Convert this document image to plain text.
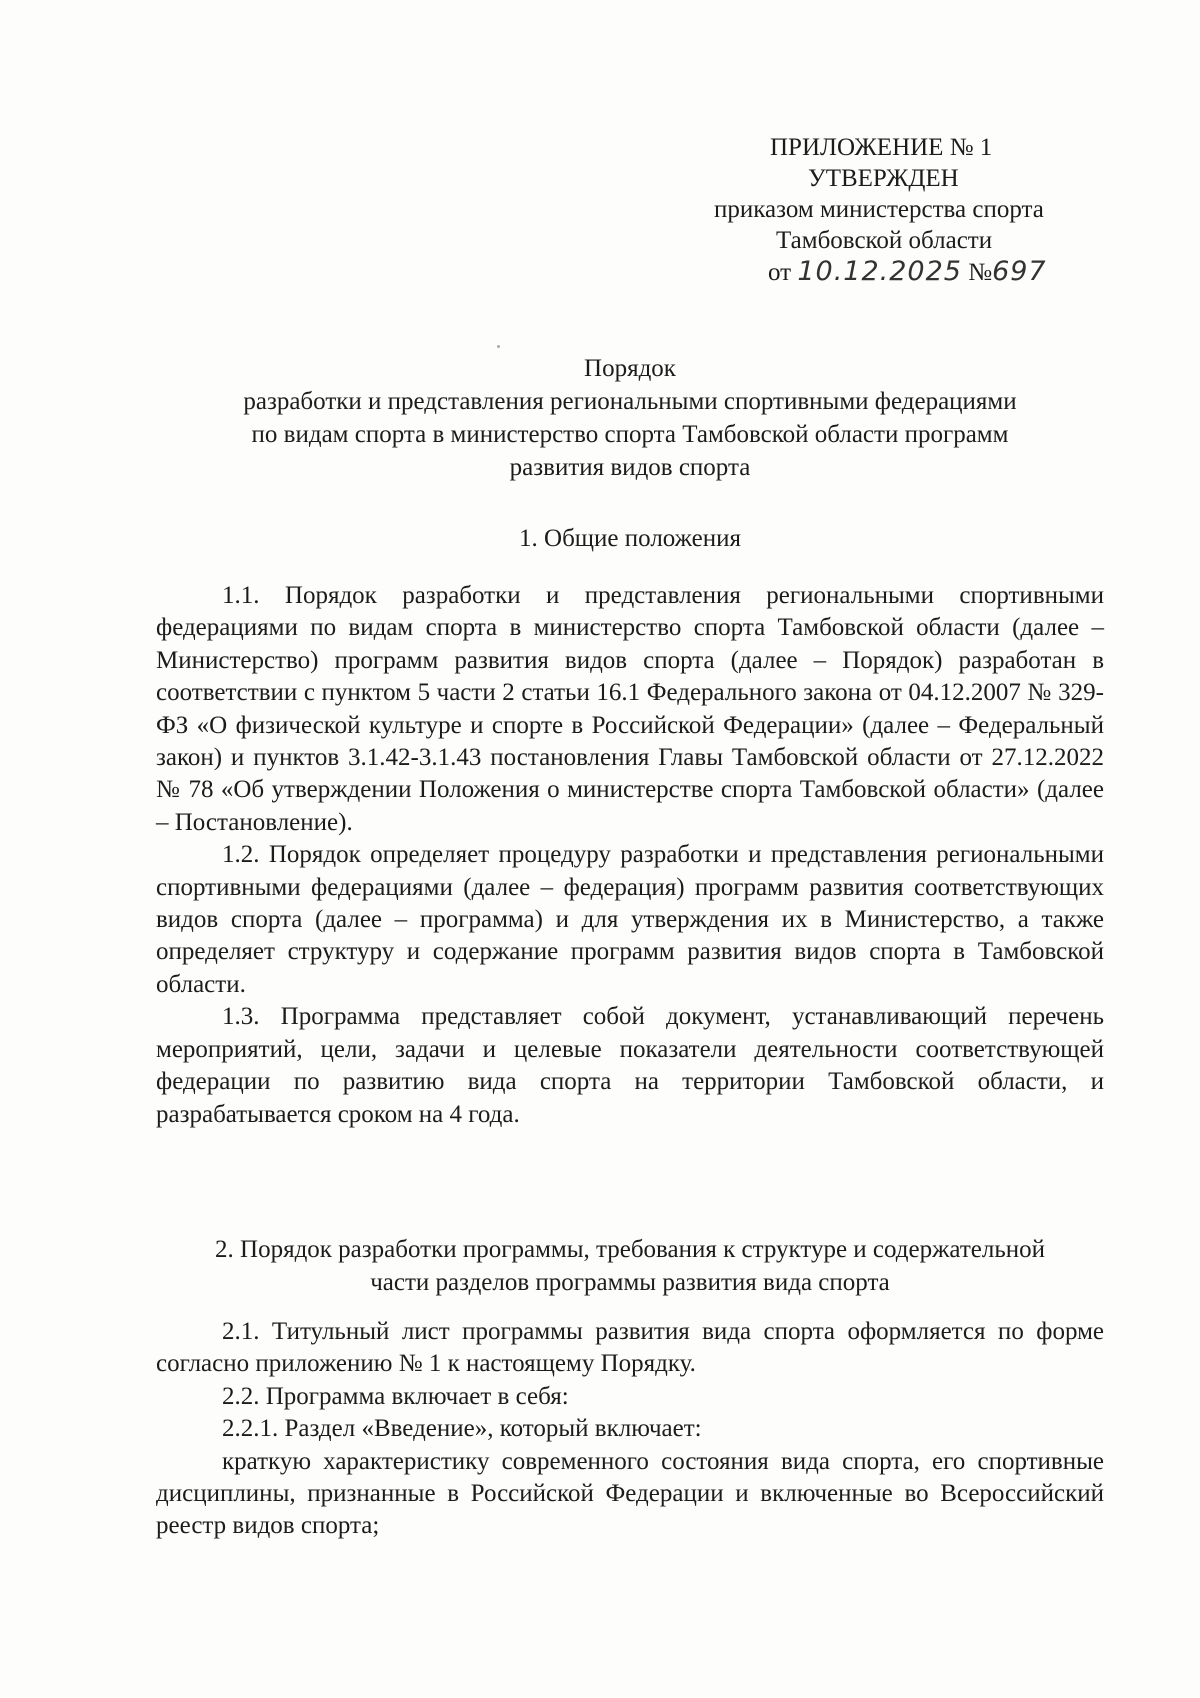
ПРИЛОЖЕНИЕ № 1
УТВЕРЖДЕН
приказом министерства спорта
Тамбовской области
от 10.12.2025 №697
Порядок
разработки и представления региональными спортивными федерациями
по видам спорта в министерство спорта Тамбовской области программ
развития видов спорта
1. Общие положения

1.1. Порядок разработки и представления региональными спортивными федерациями по видам спорта в министерство спорта Тамбовской области (далее – Министерство) программ развития видов спорта (далее – Порядок) разработан в соответствии с пунктом 5 части 2 статьи 16.1 Федерального закона от 04.12.2007 № 329-ФЗ «О физической культуре и спорте в Российской Федерации» (далее – Федеральный закон) и пунктов 3.1.42-3.1.43 постановления Главы Тамбовской области от 27.12.2022 № 78 «Об утверждении Положения о министерстве спорта Тамбовской области» (далее – Постановление).

1.2. Порядок определяет процедуру разработки и представления региональными спортивными федерациями (далее – федерация) программ развития соответствующих видов спорта (далее – программа) и для утверждения их в Министерство, а также определяет структуру и содержание программ развития видов спорта в Тамбовской области.

1.3. Программа представляет собой документ, устанавливающий перечень мероприятий, цели, задачи и целевые показатели деятельности соответствующей федерации по развитию вида спорта на территории Тамбовской области, и разрабатывается сроком на 4 года.

2. Порядок разработки программы, требования к структуре и содержательной
части разделов программы развития вида спорта

2.1. Титульный лист программы развития вида спорта оформляется по форме согласно приложению № 1 к настоящему Порядку.

2.2. Программа включает в себя:

2.2.1. Раздел «Введение», который включает:

краткую характеристику современного состояния вида спорта, его спортивные дисциплины, признанные в Российской Федерации и включенные во Всероссийский реестр видов спорта;
